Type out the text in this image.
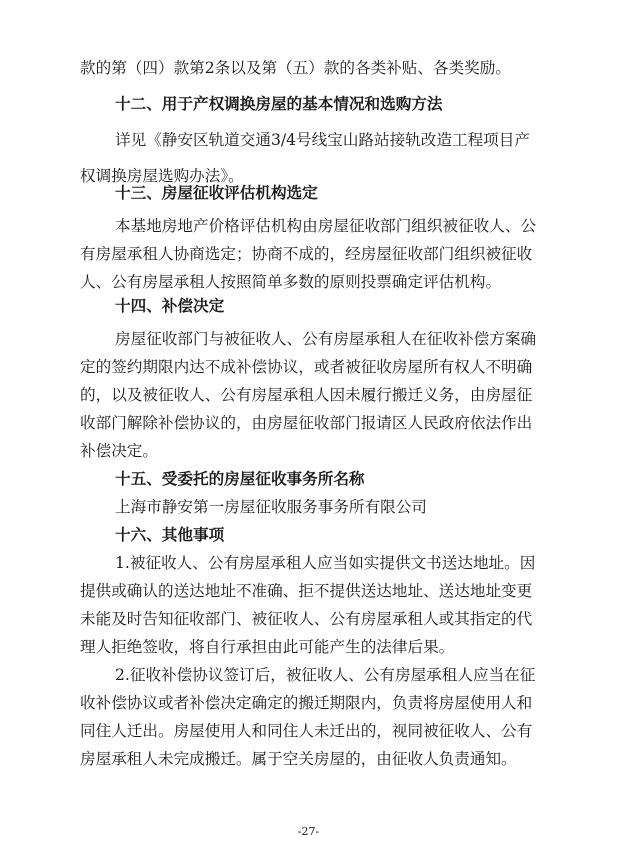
款的第（四）款第2条以及第（五）款的各类补贴、各类奖励。
十二、用于产权调换房屋的基本情况和选购方法
详见《静安区轨道交通3/4号线宝山路站接轨改造工程项目产
权调换房屋选购办法》。
十三、房屋征收评估机构选定
本基地房地产价格评估机构由房屋征收部门组织被征收人、公
有房屋承租人协商选定；协商不成的，经房屋征收部门组织被征收
人、公有房屋承租人按照简单多数的原则投票确定评估机构。
十四、补偿决定
房屋征收部门与被征收人、公有房屋承租人在征收补偿方案确
定的签约期限内达不成补偿协议，或者被征收房屋所有权人不明确
的，以及被征收人、公有房屋承租人因未履行搬迁义务，由房屋征
收部门解除补偿协议的，由房屋征收部门报请区人民政府依法作出
补偿决定。
十五、受委托的房屋征收事务所名称
上海市静安第一房屋征收服务事务所有限公司
十六、其他事项
1.被征收人、公有房屋承租人应当如实提供文书送达地址。因
提供或确认的送达地址不准确、拒不提供送达地址、送达地址变更
未能及时告知征收部门、被征收人、公有房屋承租人或其指定的代
理人拒绝签收，将自行承担由此可能产生的法律后果。
2.征收补偿协议签订后，被征收人、公有房屋承租人应当在征
收补偿协议或者补偿决定确定的搬迁期限内，负责将房屋使用人和
同住人迁出。房屋使用人和同住人未迁出的，视同被征收人、公有
房屋承租人未完成搬迁。属于空关房屋的，由征收人负责通知。
-27-
